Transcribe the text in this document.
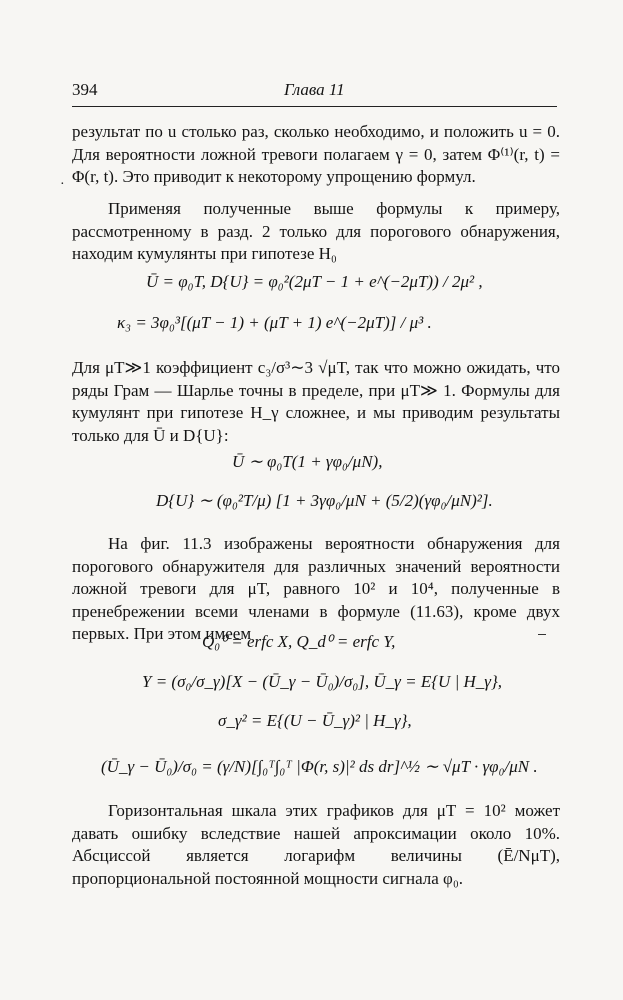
394	Глава 11
·
результат по u столько раз, сколько необходимо, и положить u = 0. Для вероятности ложной тревоги полагаем γ = 0, затем Φ⁽¹⁾(r, t) = Φ(r, t). Это приводит к некоторому упрощению формул.
Применяя полученные выше формулы к примеру, рассмотренному в разд. 2 только для порогового обнаружения, находим кумулянты при гипотезе H₀
Ū = φ₀T, D{U} = φ₀²(2μT − 1 + e^(−2μT)) / 2μ² ,
κ₃ = 3φ₀³[(μT − 1) + (μT + 1) e^(−2μT)] / μ³ .
Для μT≫1 коэффициент c₃/σ³∼3 √μT, так что можно ожидать, что ряды Грам — Шарлье точны в пределе, при μT≫ 1. Формулы для кумулянт при гипотезе H_γ сложнее, и мы приводим результаты только для Ū и D{U}:
Ū ∼ φ₀T(1 + γφ₀/μN),
D{U} ∼ (φ₀²T/μ) [1 + 3γφ₀/μN + (5/2)(γφ₀/μN)²].
На фиг. 11.3 изображены вероятности обнаружения для порогового обнаружителя для различных значений вероятности ложной тревоги для μT, равного 10² и 10⁴, полученные в пренебрежении всеми членами в формуле (11.63), кромe двух первых. При этом имеем
Q₀⁰ = erfc X, Q_d⁰ = erfc Y,
Y = (σ₀/σ_γ)[X − (Ū_γ − Ū₀)/σ₀], Ū_γ = E{U | H_γ},
σ_γ² = E{(U − Ū_γ)² | H_γ},
(Ū_γ − Ū₀)/σ₀ = (γ/N)[∫₀ᵀ∫₀ᵀ |Φ(r, s)|² ds dr]^½ ∼ √μT · γφ₀/μN .
Горизонтальная шкала этих графиков для μT = 10² может давать ошибку вследствие нашей апроксимации около 10%. Абсциссой является логарифм величины (Ē/NμT), пропорциональной постоянной мощности сигнала φ₀.
